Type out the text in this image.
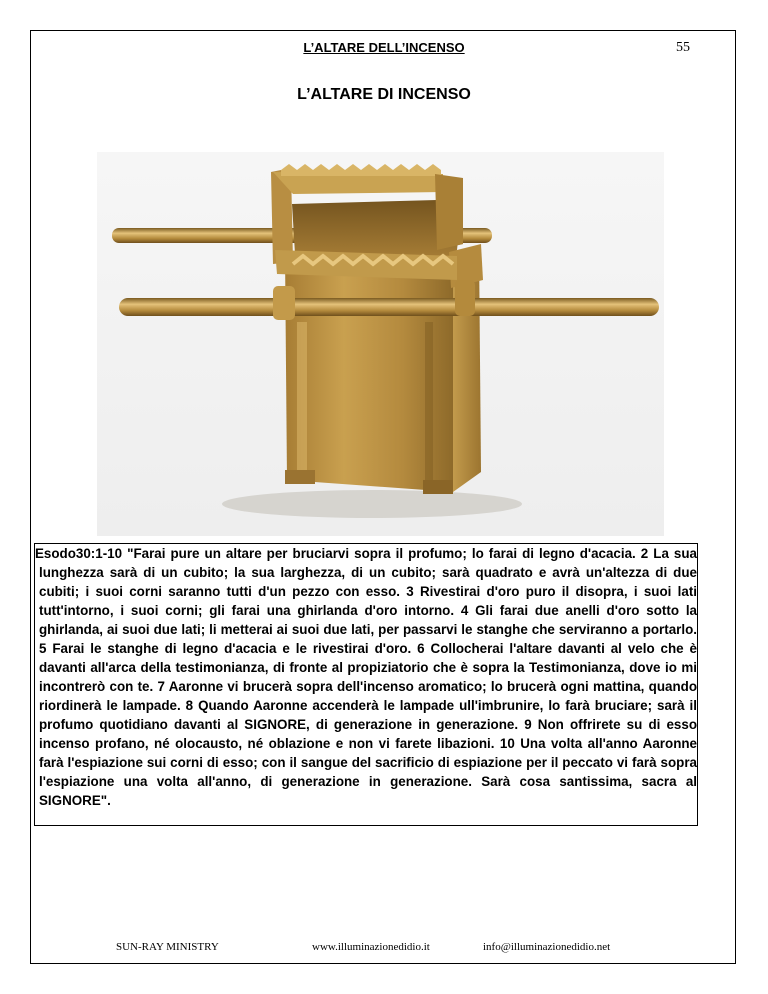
L’ALTARE DELL’INCENSO	55
L’ALTARE DI INCENSO
Esodo30:1-10 "Farai pure un altare per bruciarvi sopra il profumo; lo farai di legno d'acacia. 2 La sua lunghezza sarà di un cubito; la sua larghezza, di un cubito; sarà quadrato e avrà un'altezza di due cubiti; i suoi corni saranno tutti d'un pezzo con esso. 3 Rivestirai d'oro puro il disopra, i suoi lati tutt'intorno, i suoi corni; gli farai una ghirlanda d'oro intorno. 4 Gli farai due anelli d'oro sotto la ghirlanda, ai suoi due lati; li metterai ai suoi due lati, per passarvi le stanghe che serviranno a portarlo. 5 Farai le stanghe di legno d'acacia e le rivestirai d'oro. 6 Collocherai l'altare davanti al velo che è davanti all'arca della testimonianza, di fronte al propiziatorio che è sopra la Testimonianza, dove io mi incontrerò con te. 7 Aaronne vi brucerà sopra dell'incenso aromatico; lo brucerà ogni mattina, quando riordinerà le lampade. 8 Quando Aaronne accenderà le lampade ull'imbrunire, lo farà bruciare; sarà il profumo quotidiano davanti al SIGNORE, di generazione in generazione. 9 Non offrirete su di esso incenso profano, né olocausto, né oblazione e non vi farete libazioni. 10 Una volta all'anno Aaronne farà l'espiazione sui corni di esso; con il sangue del sacrificio di espiazione per il peccato vi farà sopra l'espiazione una volta all'anno, di generazione in generazione. Sarà cosa santissima, sacra al SIGNORE".
SUN-RAY MINISTRY	www.illuminazionedidio.it	info@illuminazionedidio.net
